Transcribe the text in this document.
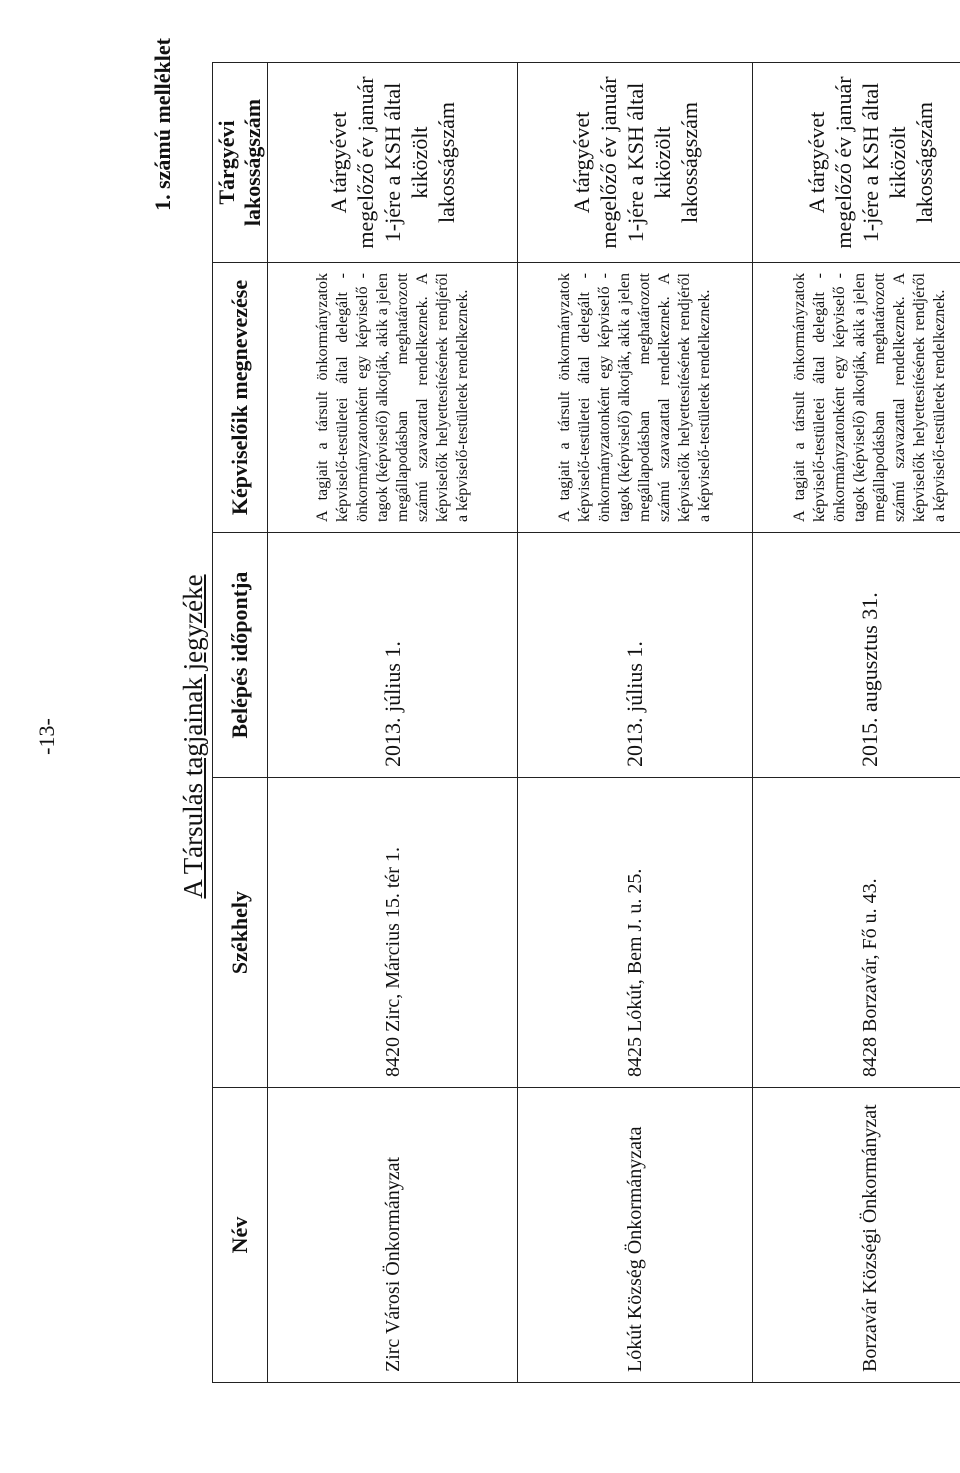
-13-
1. számú melléklet
A Társulás tagjainak jegyzéke
Név	Székhely	Belépés időpontja	Képviselőik megnevezése	Tárgyévi lakosságszám
Zirc Városi Önkormányzat	8420 Zirc, Március 15. tér 1.	2013. július 1.	A tagjait a társult önkormányzatok képviselő-testületei által delegált - önkormányzatonként egy képviselő - tagok (képviselő) alkotják, akik a jelen megállapodásban meghatározott számú szavazattal rendelkeznek. A képviselők helyettesítésének rendjéről a képviselő-testületek rendelkeznek.	A tárgyévet megelőző év január 1-jére a KSH által kiközölt lakosságszám
Lókút Község Önkormányzata	8425 Lókút, Bem J. u. 25.	2013. július 1.	A tagjait a társult önkormányzatok képviselő-testületei által delegált - önkormányzatonként egy képviselő - tagok (képviselő) alkotják, akik a jelen megállapodásban meghatározott számú szavazattal rendelkeznek. A képviselők helyettesítésének rendjéről a képviselő-testületek rendelkeznek.	A tárgyévet megelőző év január 1-jére a KSH által kiközölt lakosságszám
Borzavár Községi Önkormányzat	8428 Borzavár, Fő u. 43.	2015. augusztus 31.	A tagjait a társult önkormányzatok képviselő-testületei által delegált - önkormányzatonként egy képviselő - tagok (képviselő) alkotják, akik a jelen megállapodásban meghatározott számú szavazattal rendelkeznek. A képviselők helyettesítésének rendjéről a képviselő-testületek rendelkeznek.	A tárgyévet megelőző év január 1-jére a KSH által kiközölt lakosságszám
